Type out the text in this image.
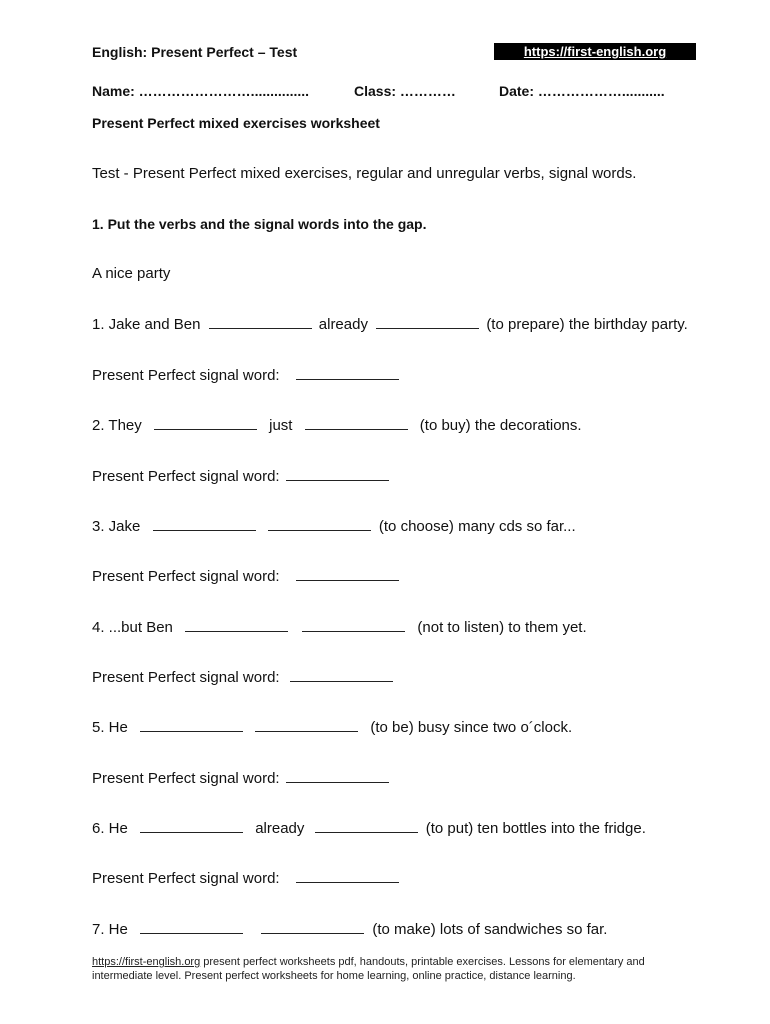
English: Present Perfect – Test	https://first-english.org
Name: ……………………...............	Class: …………	Date: ………………...........
Present Perfect mixed exercises worksheet
Test - Present Perfect mixed exercises, regular and unregular verbs, signal words.
1. Put the verbs and the signal words into the gap.
A nice party
1. Jake and Ben	already	(to prepare) the birthday party.
Present Perfect signal word:
2. They	just	(to buy) the decorations.
Present Perfect signal word:
3. Jake	(to choose) many cds so far...
Present Perfect signal word:
4. ...but Ben	(not to listen) to them yet.
Present Perfect signal word:
5. He	(to be) busy since two o´clock.
Present Perfect signal word:
6. He	already	(to put) ten bottles into the fridge.
Present Perfect signal word:
7. He	(to make) lots of sandwiches so far.
https://first-english.org present perfect worksheets pdf, handouts, printable exercises. Lessons for elementary and intermediate level. Present perfect worksheets for home learning, online practice, distance learning.
